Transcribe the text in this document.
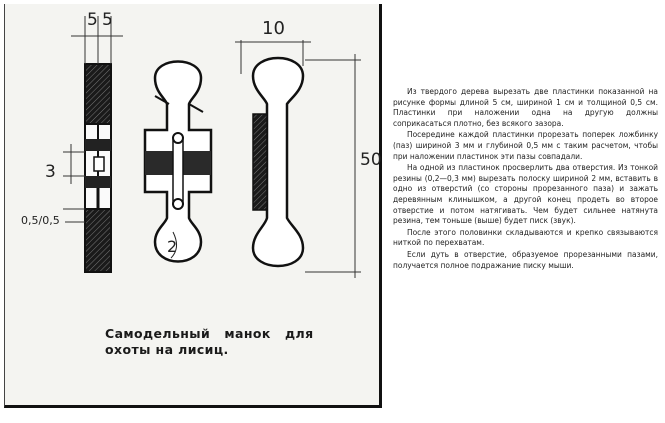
5 5	10
50
3
0,5/0,5
2
Самодельный   манок   для
охоты на лисиц.

Из твердого дерева вырезать две пластинки показанной на рисунке формы длиной 5 см, шириной 1 см и толщиной 0,5 см. Пластинки при наложении одна на другую должны соприкасаться плотно, без всякого зазора.

Посередине каждой пластинки прорезать поперек ложбинку (паз) шириной 3 мм и глубиной 0,5 мм с таким расчетом, чтобы при наложении пластинок эти пазы совпадали.

На одной из пластинок просверлить два отверстия. Из тонкой резины (0,2—0,3 мм) вырезать полоску шириной 2 мм, вставить в одно из отверстий (со стороны прорезанного паза) и зажать деревянным клинышком, а другой конец продеть во второе отверстие и потом натягивать. Чем будет сильнее натянута резина, тем тоньше (выше) будет писк (звук).

После этого половинки складываются и крепко связываются ниткой по перехватам.

Если дуть в отверстие, образуемое прорезанными пазами, получается полное подражание писку мыши.
